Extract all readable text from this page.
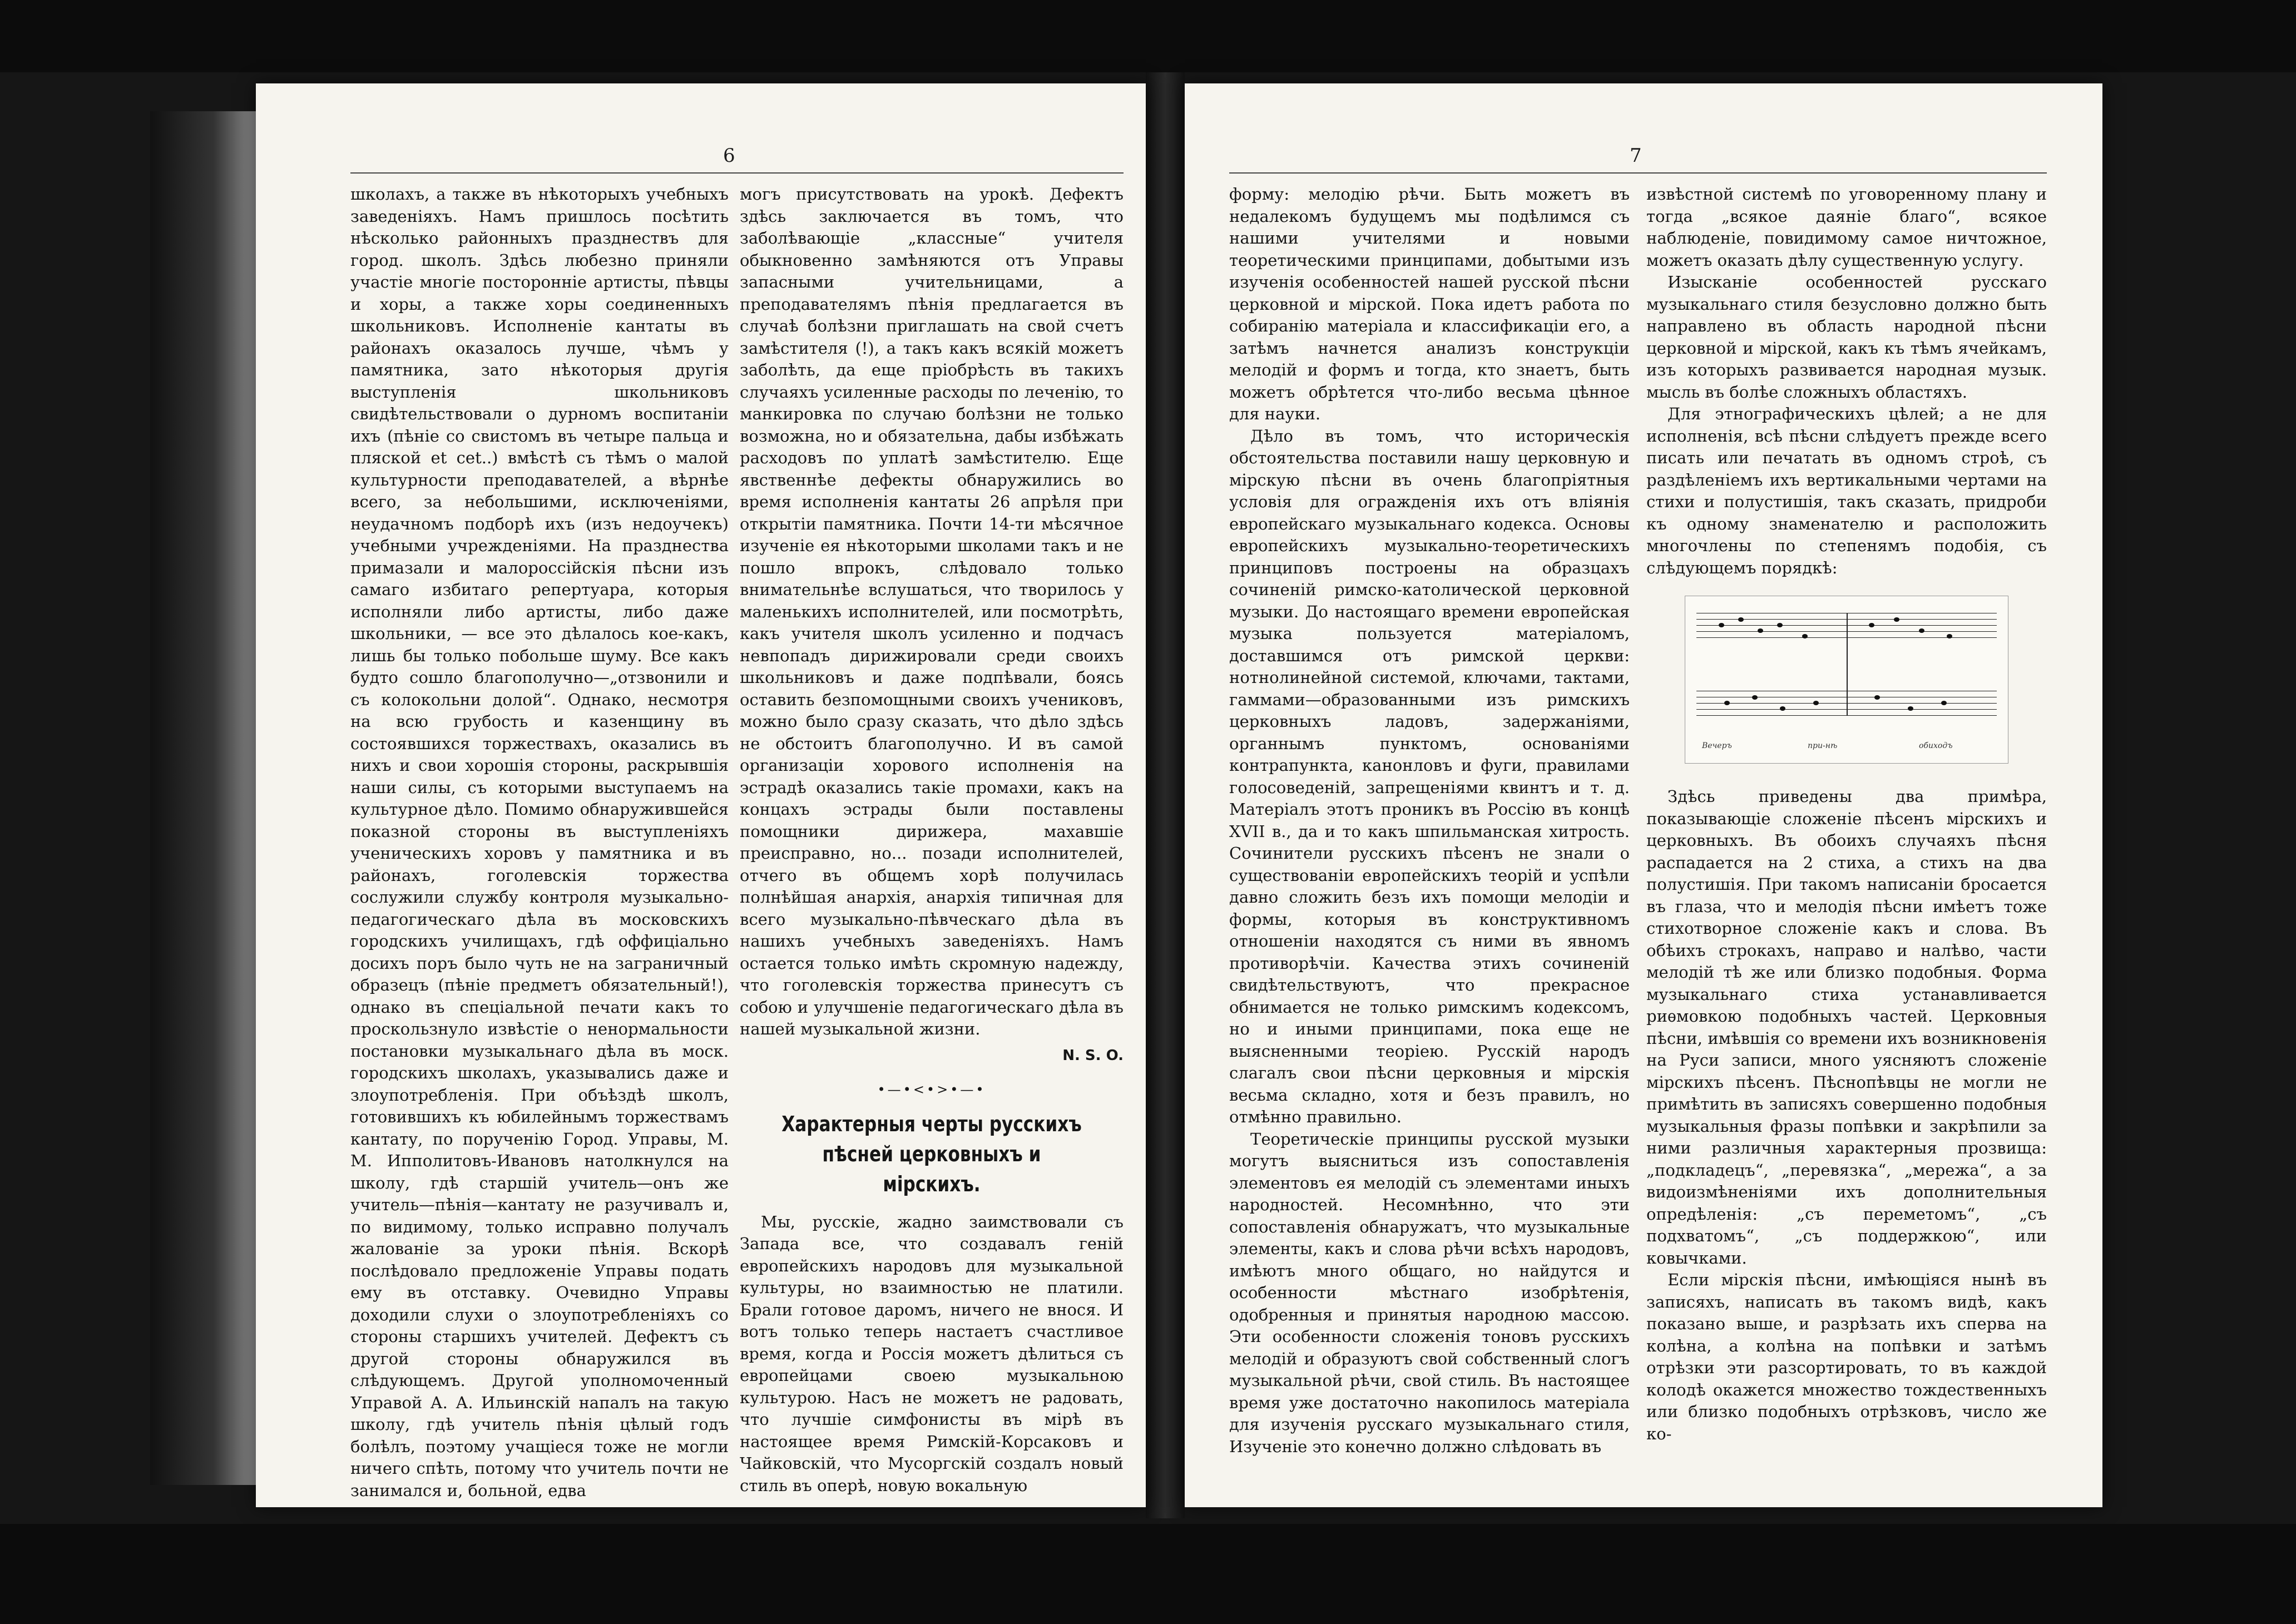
6

школахъ, а также въ нѣкоторыхъ учебныхъ заведеніяхъ. Намъ пришлось посѣтить нѣсколько районныхъ празднествъ для город. школъ. Здѣсь любезно приняли участіе многіе посторонніе артисты, пѣвцы и хоры, а также хоры соединенныхъ школьниковъ. Исполненіе кантаты въ районахъ оказалось лучше, чѣмъ у памятника, зато нѣкоторыя другія выступленія школьниковъ свидѣтельствовали о дурномъ воспитаніи ихъ (пѣніе со свистомъ въ четыре пальца и пляской et cet..) вмѣстѣ съ тѣмъ о малой культурности преподавателей, а вѣрнѣе всего, за небольшими, исключеніями, неудачномъ подборѣ ихъ (изъ недоучекъ) учебными учрежденіями. На празднества примазали и малороссійскія пѣсни изъ самаго избитаго репертуара, которыя исполняли либо артисты, либо даже школьники, — все это дѣлалось кое-какъ, лишь бы только побольше шуму. Все какъ будто сошло благополучно—„отзвонили и съ колокольни долой“. Однако, несмотря на всю грубость и казенщину въ состоявшихся торжествахъ, оказались въ нихъ и свои хорошія стороны, раскрывшія наши силы, съ которыми выступаемъ на культурное дѣло. Помимо обнаружившейся показной стороны въ выступленіяхъ ученическихъ хоровъ у памятника и въ районахъ, гоголевскія торжества сослужили службу контроля музыкально-педагогическаго дѣла въ московскихъ городскихъ училищахъ, гдѣ оффиціально досихъ поръ было чуть не на заграничный образецъ (пѣніе предметъ обязательный!), однако въ спеціальной печати какъ то проскользнуло извѣстіе о ненормальности постановки музыкальнаго дѣла въ моск. городскихъ школахъ, указывались даже и злоупотребленія. При объѣздѣ школъ, готовившихъ къ юбилейнымъ торжествамъ кантату, по порученію Город. Управы, М. М. Ипполитовъ-Ивановъ натолкнулся на школу, гдѣ старшій учитель—онъ же учитель—пѣнія—кантату не разучивалъ и, по видимому, только исправно получалъ жалованіе за уроки пѣнія. Вскорѣ послѣдовало предложеніе Управы подать ему въ отставку. Очевидно Управы доходили слухи о злоупотребленіяхъ со стороны старшихъ учителей. Дефектъ съ другой стороны обнаружился въ слѣдующемъ. Другой уполномоченный Управой А. А. Ильинскій напалъ на такую школу, гдѣ учитель пѣнія цѣлый годъ болѣлъ, поэтому учащіеся тоже не могли ничего спѣть, потому что учитель почти не занимался и, больной, едва

могъ присутствовать на урокѣ. Дефектъ здѣсь заключается въ томъ, что заболѣвающіе „классные“ учителя обыкновенно замѣняются отъ Управы запасными учительницами, а преподавателямъ пѣнія предлагается въ случаѣ болѣзни приглашать на свой счетъ замѣстителя (!), а такъ какъ всякій можетъ заболѣть, да еще пріобрѣсть въ такихъ случаяхъ усиленные расходы по леченію, то манкировка по случаю болѣзни не только возможна, но и обязательна, дабы избѣжать расходовъ по уплатѣ замѣстителю. Еще явственнѣе дефекты обнаружились во время исполненія кантаты 26 апрѣля при открытіи памятника. Почти 14-ти мѣсячное изученіе ея нѣкоторыми школами такъ и не пошло впрокъ, слѣдовало только внимательнѣе вслушаться, что творилось у маленькихъ исполнителей, или посмотрѣть, какъ учителя школъ усиленно и подчасъ невпопадъ дирижировали среди своихъ школьниковъ и даже подпѣвали, боясь оставить безпомощными своихъ учениковъ, можно было сразу сказать, что дѣло здѣсь не обстоитъ благополучно. И въ самой организаціи хорового исполненія на эстрадѣ оказались такіе промахи, какъ на концахъ эстрады были поставлены помощники дирижера, махавшіе преисправно, но... позади исполнителей, отчего въ общемъ хорѣ получилась полнѣйшая анархія, анархія типичная для всего музыкально-пѣвческаго дѣла въ нашихъ учебныхъ заведеніяхъ. Намъ остается только имѣть скромную надежду, что гоголевскія торжества принесутъ съ собою и улучшеніе педагогическаго дѣла въ нашей музыкальной жизни.

N. S. O.
•—•<•>•—•
Характерныя черты русскихъ пѣсней церковныхъ и мірскихъ.

Мы, русскіе, жадно заимствовали съ Запада все, что создавалъ геній европейскихъ народовъ для музыкальной культуры, но взаимностью не платили. Брали готовое даромъ, ничего не внося. И вотъ только теперь настаетъ счастливое время, когда и Россія можетъ дѣлиться съ европейцами своею музыкальною культурою. Насъ не можетъ не радовать, что лучшіе симфонисты въ мірѣ въ настоящее время Римскій-Корсаковъ и Чайковскій, что Мусоргскій создалъ новый стиль въ оперѣ, новую вокальную

7

форму: мелодію рѣчи. Быть можетъ въ недалекомъ будущемъ мы подѣлимся съ нашими учителями и новыми теоретическими принципами, добытыми изъ изученія особенностей нашей русской пѣсни церковной и мірской. Пока идетъ работа по собиранію матеріала и классификаціи его, а затѣмъ начнется анализъ конструкціи мелодій и формъ и тогда, кто знаетъ, быть можетъ обрѣтется что-либо весьма цѣнное для науки.

Дѣло въ томъ, что историческія обстоятельства поставили нашу церковную и мірскую пѣсни въ очень благопріятныя условія для огражденія ихъ отъ вліянія европейскаго музыкальнаго кодекса. Основы европейскихъ музыкально-теоретическихъ принциповъ построены на образцахъ сочиненій римско-католической церковной музыки. До настоящаго времени европейская музыка пользуется матеріаломъ, доставшимся отъ римской церкви: нотнолинейной системой, ключами, тактами, гаммами—образованными изъ римскихъ церковныхъ ладовъ, задержаніями, органнымъ пунктомъ, основаніями контрапункта, канонловъ и фуги, правилами голосоведеній, запрещеніями квинтъ и т. д. Матеріалъ этотъ проникъ въ Россію въ концѣ XVII в., да и то какъ шпильманская хитрость. Сочинители русскихъ пѣсенъ не знали о существованіи европейскихъ теорій и успѣли давно сложить безъ ихъ помощи мелодіи и формы, которыя въ конструктивномъ отношеніи находятся съ ними въ явномъ противорѣчіи. Качества этихъ сочиненій свидѣтельствуютъ, что прекрасное обнимается не только римскимъ кодексомъ, но и иными принципами, пока еще не выясненными теоріею. Русскій народъ слагалъ свои пѣсни церковныя и мірскія весьма складно, хотя и безъ правилъ, но отмѣнно правильно.

Теоретическіе принципы русской музыки могутъ выясниться изъ сопоставленія элементовъ ея мелодій съ элементами иныхъ народностей. Несомнѣнно, что эти сопоставленія обнаружатъ, что музыкальные элементы, какъ и слова рѣчи всѣхъ народовъ, имѣютъ много общаго, но найдутся и особенности мѣстнаго изобрѣтенія, одобренныя и принятыя народною массою. Эти особенности сложенія тоновъ русскихъ мелодій и образуютъ свой собственный слогъ музыкальной рѣчи, свой стиль. Въ настоящее время уже достаточно накопилось матеріала для изученія русскаго музыкальнаго стиля, Изученіе это конечно должно слѣдовать въ

извѣстной системѣ по уговоренному плану и тогда „всякое даяніе благо“, всякое наблюденіе, повидимому самое ничтожное, можетъ оказать дѣлу существенную услугу.

Изысканіе особенностей русскаго музыкальнаго стиля безусловно должно быть направлено въ область народной пѣсни церковной и мірской, какъ къ тѣмъ ячейкамъ, изъ которыхъ развивается народная музык. мысль въ болѣе сложныхъ областяхъ.

Для этнографическихъ цѣлей; а не для исполненія, всѣ пѣсни слѣдуетъ прежде всего писать или печатать въ одномъ строѣ, съ раздѣленіемъ ихъ вертикальными чертами на стихи и полустишія, такъ сказать, придроби къ одному знаменателю и расположить многочлены по степенямъ подобія, съ слѣдующемъ порядкѣ:

Вечеръ	при-нѣ	обиходъ

Здѣсь приведены два примѣра, показывающіе сложеніе пѣсенъ мірскихъ и церковныхъ. Въ обоихъ случаяхъ пѣсня распадается на 2 стиха, а стихъ на два полустишія. При такомъ написаніи бросается въ глаза, что и мелодія пѣсни имѣетъ тоже стихотворное сложеніе какъ и слова. Въ обѣихъ строкахъ, направо и налѣво, части мелодій тѣ же или близко подобныя. Форма музыкальнаго стиха устанавливается риѳмовкою подобныхъ частей. Церковныя пѣсни, имѣвшія со времени ихъ возникновенія на Руси записи, много уясняютъ сложеніе мірскихъ пѣсенъ. Пѣснопѣвцы не могли не примѣтить въ записяхъ совершенно подобныя музыкальныя фразы попѣвки и закрѣпили за ними различныя характерныя прозвища: „подкладецъ“, „перевязка“, „мережа“, а за видоизмѣненіями ихъ дополнительныя опредѣленія: „съ переметомъ“, „съ подхватомъ“, „съ поддержкою“, или ковычками.

Если мірскія пѣсни, имѣющіяся нынѣ въ записяхъ, написать въ такомъ видѣ, какъ показано выше, и разрѣзать ихъ сперва на колѣна, а колѣна на попѣвки и затѣмъ отрѣзки эти разсортировать, то въ каждой колодѣ окажется множество тождественныхъ или близко подобныхъ отрѣзковъ, число же ко-
